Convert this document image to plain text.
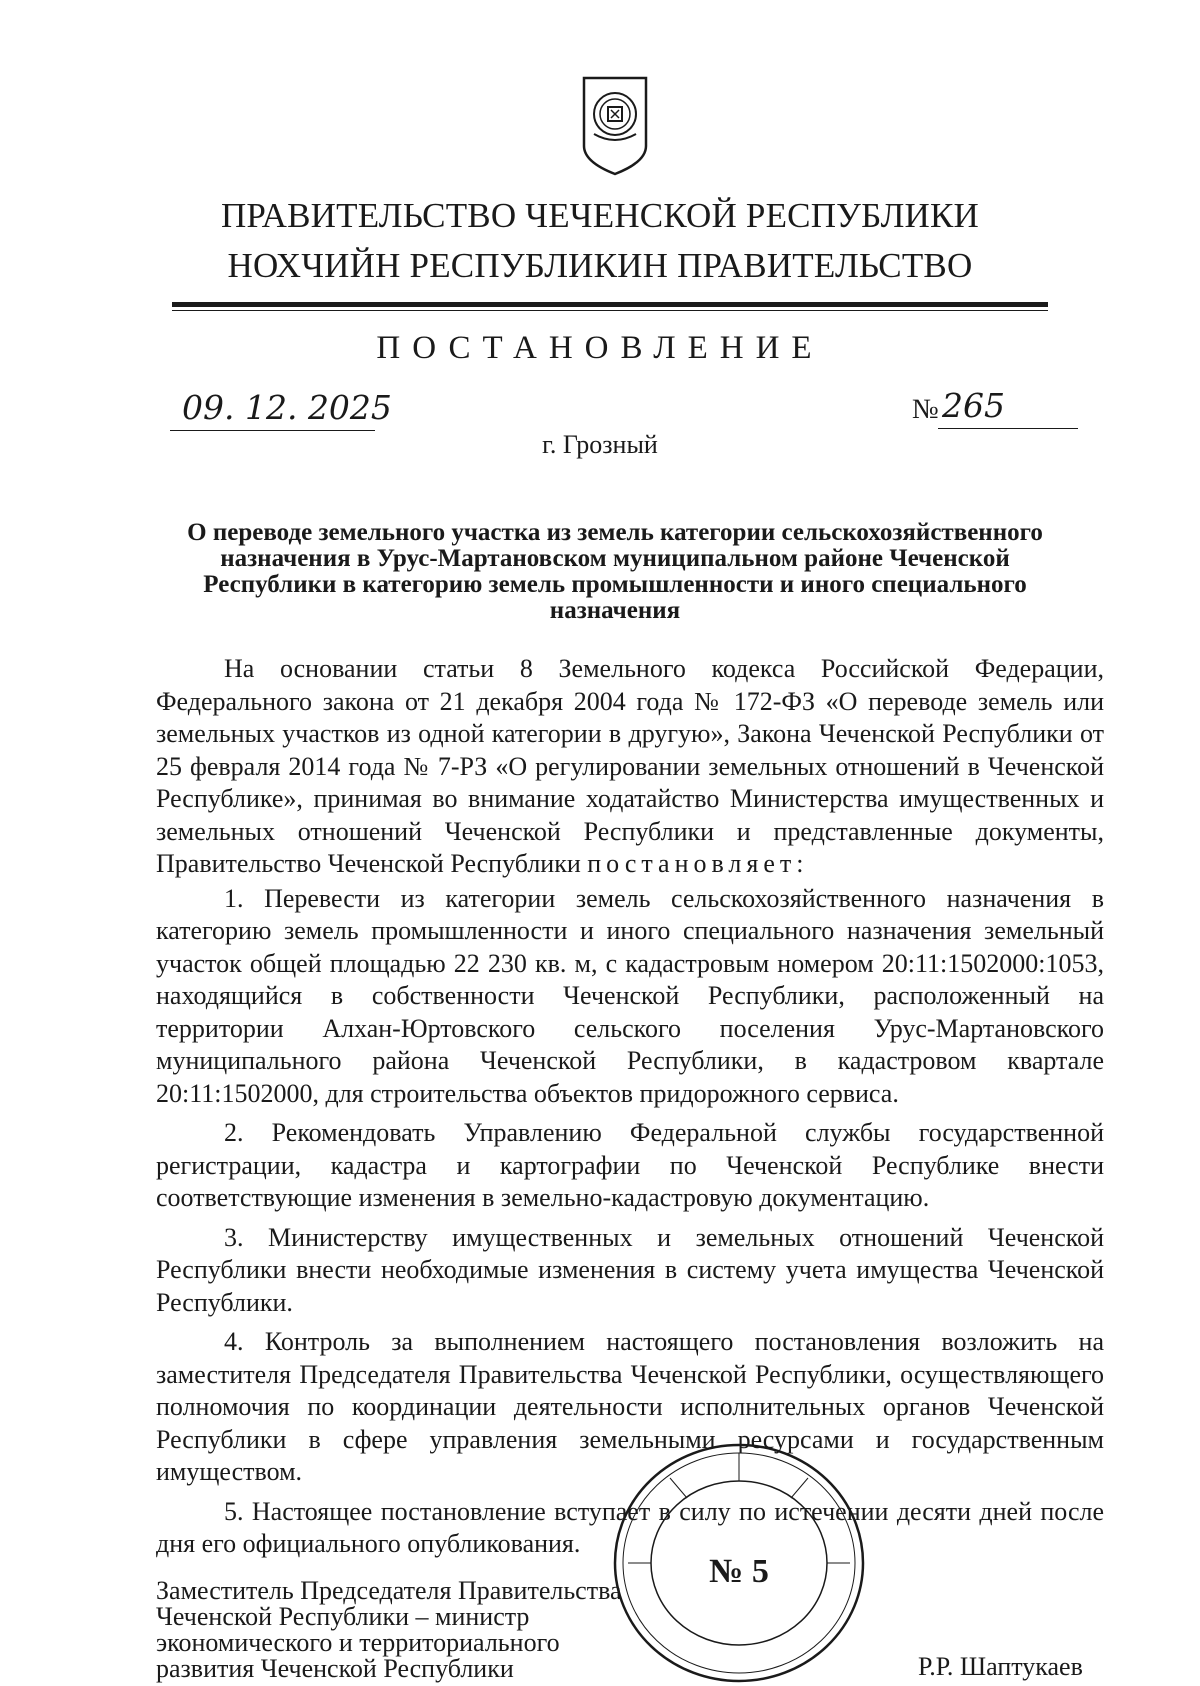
ПРАВИТЕЛЬСТВО ЧЕЧЕНСКОЙ РЕСПУБЛИКИ
НОХЧИЙН РЕСПУБЛИКИН ПРАВИТЕЛЬСТВО
ПОСТАНОВЛЕНИЕ
09. 12. 2025	№ 265
г. Грозный
О переводе земельного участка из земель категории сельскохозяйственного
назначения в Урус-Мартановском муниципальном районе Чеченской
Республики в категорию земель промышленности и иного специального
назначения

На основании статьи 8 Земельного кодекса Российской Федерации, Федерального закона от 21 декабря 2004 года № 172-ФЗ «О переводе земель или земельных участков из одной категории в другую», Закона Чеченской Республики от 25 февраля 2014 года № 7-РЗ «О регулировании земельных отношений в Чеченской Республике», принимая во внимание ходатайство Министерства имущественных и земельных отношений Чеченской Республики и представленные документы, Правительство Чеченской Республики постановляет:

1. Перевести из категории земель сельскохозяйственного назначения в категорию земель промышленности и иного специального назначения земельный участок общей площадью 22 230 кв. м, с кадастровым номером 20:11:1502000:1053, находящийся в собственности Чеченской Республики, расположенный на территории Алхан-Юртовского сельского поселения Урус-Мартановского муниципального района Чеченской Республики, в кадастровом квартале 20:11:1502000, для строительства объектов придорожного сервиса.

2. Рекомендовать Управлению Федеральной службы государственной регистрации, кадастра и картографии по Чеченской Республике внести соответствующие изменения в земельно-кадастровую документацию.

3. Министерству имущественных и земельных отношений Чеченской Республики внести необходимые изменения в систему учета имущества Чеченской Республики.

4. Контроль за выполнением настоящего постановления возложить на заместителя Председателя Правительства Чеченской Республики, осуществляющего полномочия по координации деятельности исполнительных органов Чеченской Республики в сфере управления земельными ресурсами и государственным имуществом.

5. Настоящее постановление вступает в силу по истечении десяти дней после дня его официального опубликования.

Заместитель Председателя Правительства
Чеченской Республики – министр
экономического и территориального
развития Чеченской Республики	Р.Р. Шаптукаев
№ 5
